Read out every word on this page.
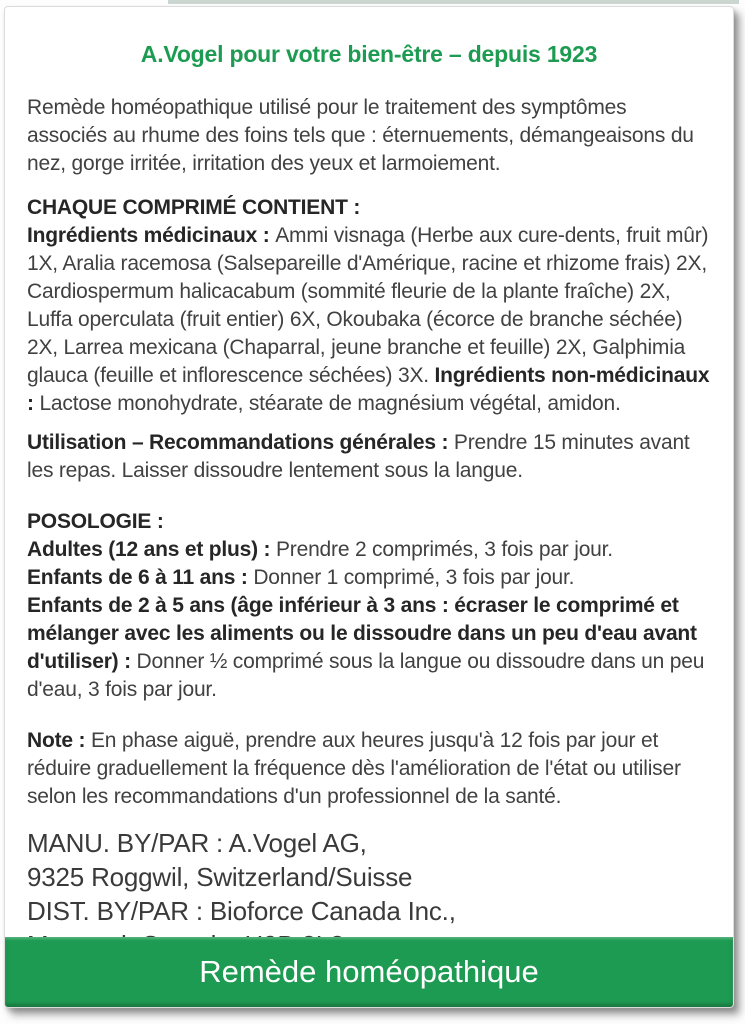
A.Vogel pour votre bien-être – depuis 1923

Remède homéopathique utilisé pour le traitement des symptômes associés au rhume des foins tels que : éternuements, démangeaisons du nez, gorge irritée, irritation des yeux et larmoiement.

CHAQUE COMPRIMÉ CONTIENT :
Ingrédients médicinaux : Ammi visnaga (Herbe aux cure-dents, fruit mûr) 1X, Aralia racemosa (Salsepareille d'Amérique, racine et rhizome frais) 2X, Cardiospermum halicacabum (sommité fleurie de la plante fraîche) 2X, Luffa operculata (fruit entier) 6X, Okoubaka (écorce de branche séchée) 2X, Larrea mexicana (Chaparral, jeune branche et feuille) 2X, Galphimia glauca (feuille et inflorescence séchées) 3X. Ingrédients non-médicinaux : Lactose monohydrate, stéarate de magnésium végétal, amidon.
Utilisation – Recommandations générales : Prendre 15 minutes avant les repas. Laisser dissoudre lentement sous la langue.
POSOLOGIE :
Adultes (12 ans et plus) : Prendre 2 comprimés, 3 fois par jour.
Enfants de 6 à 11 ans : Donner 1 comprimé, 3 fois par jour.
Enfants de 2 à 5 ans (âge inférieur à 3 ans : écraser le comprimé et mélanger avec les aliments ou le dissoudre dans un peu d'eau avant d'utiliser) : Donner ½ comprimé sous la langue ou dissoudre dans un peu d'eau, 3 fois par jour.
Note : En phase aiguë, prendre aux heures jusqu'à 12 fois par jour et réduire graduellement la fréquence dès l'amélioration de l'état ou utiliser selon les recommandations d'un professionnel de la santé.
MANU. BY/PAR : A.Vogel AG,
9325 Roggwil, Switzerland/Suisse
DIST. BY/PAR : Bioforce Canada Inc.,
Remède homéopathique
